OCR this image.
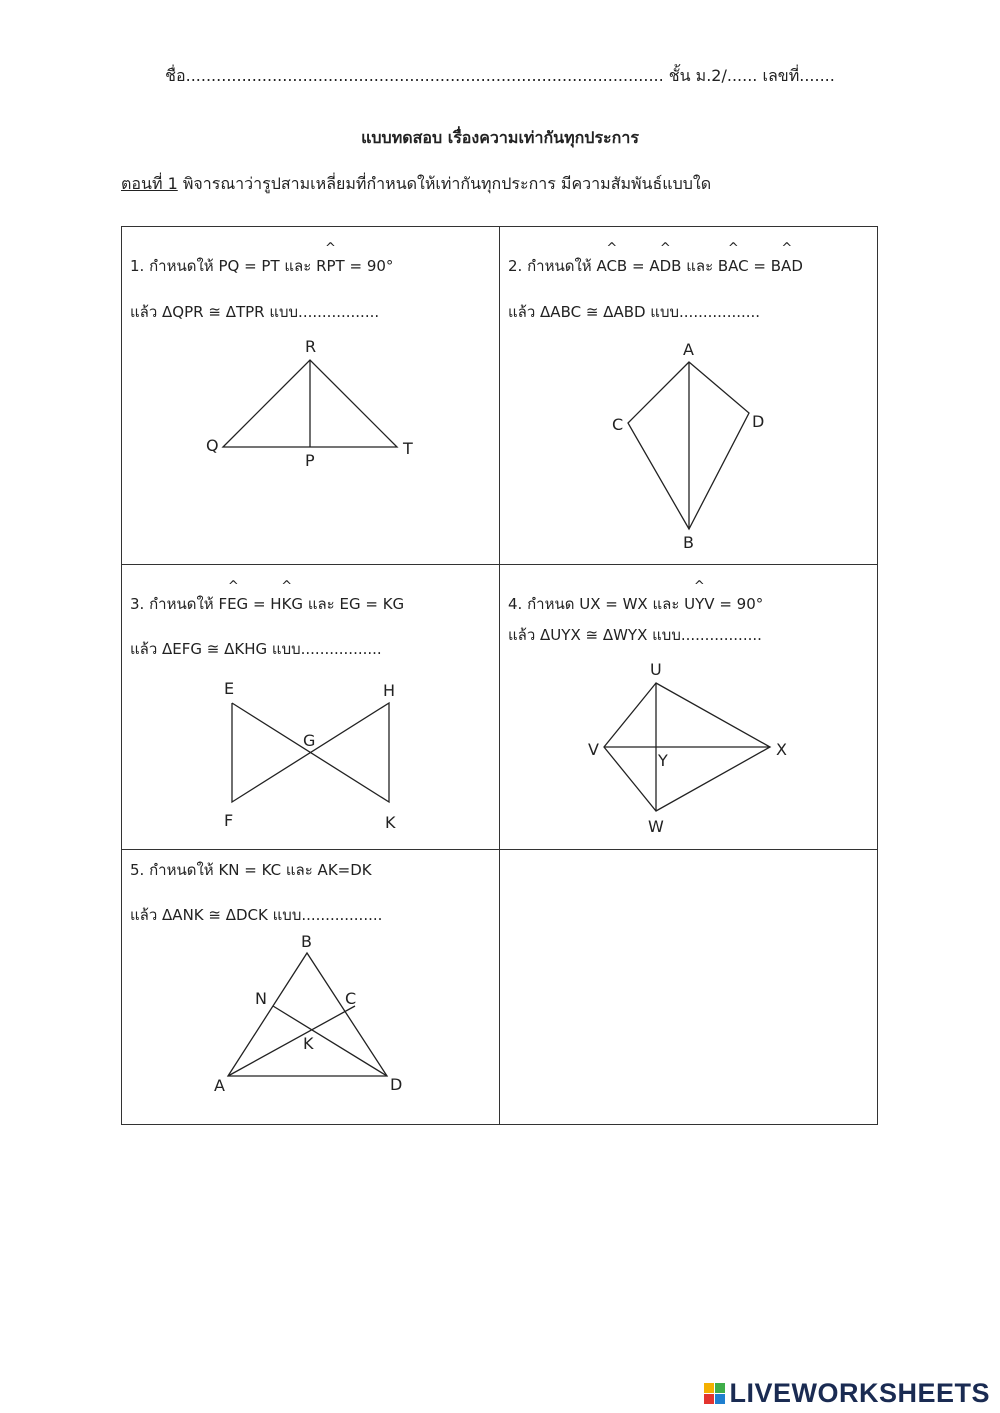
ชื่อ.............................................................................................. ชั้น ม.2/...... เลขที่.......
แบบทดสอบ เรื่องความเท่ากันทุกประการ
ตอนที่ 1 พิจารณาว่ารูปสามเหลี่ยมที่กำหนดให้เท่ากันทุกประการ มีความสัมพันธ์แบบใด
1. กำหนดให้ PQ = PT และ ^ RPT = 90°
แล้ว ΔQPR ≅ ΔTPR แบบ.................
R
Q
P
T
2. กำหนดให้ ^ ACB = ^ ADB และ ^ BAC = ^ BAD
แล้ว ΔABC ≅ ΔABD แบบ.................
A
C	D
B
3. กำหนดให้ ^ FEG = ^ HKG และ EG = KG
แล้ว ΔEFG ≅ ΔKHG แบบ.................
E	H
G
F	K
4. กำหนด UX = WX และ ^ UYV = 90°
แล้ว ΔUYX ≅ ΔWYX แบบ.................
U
V
Y
X
W
5. กำหนดให้ KN = KC และ AK=DK
แล้ว ΔANK ≅ ΔDCK แบบ.................
B
N	C
K
A	D
LIVEWORKSHEETS
